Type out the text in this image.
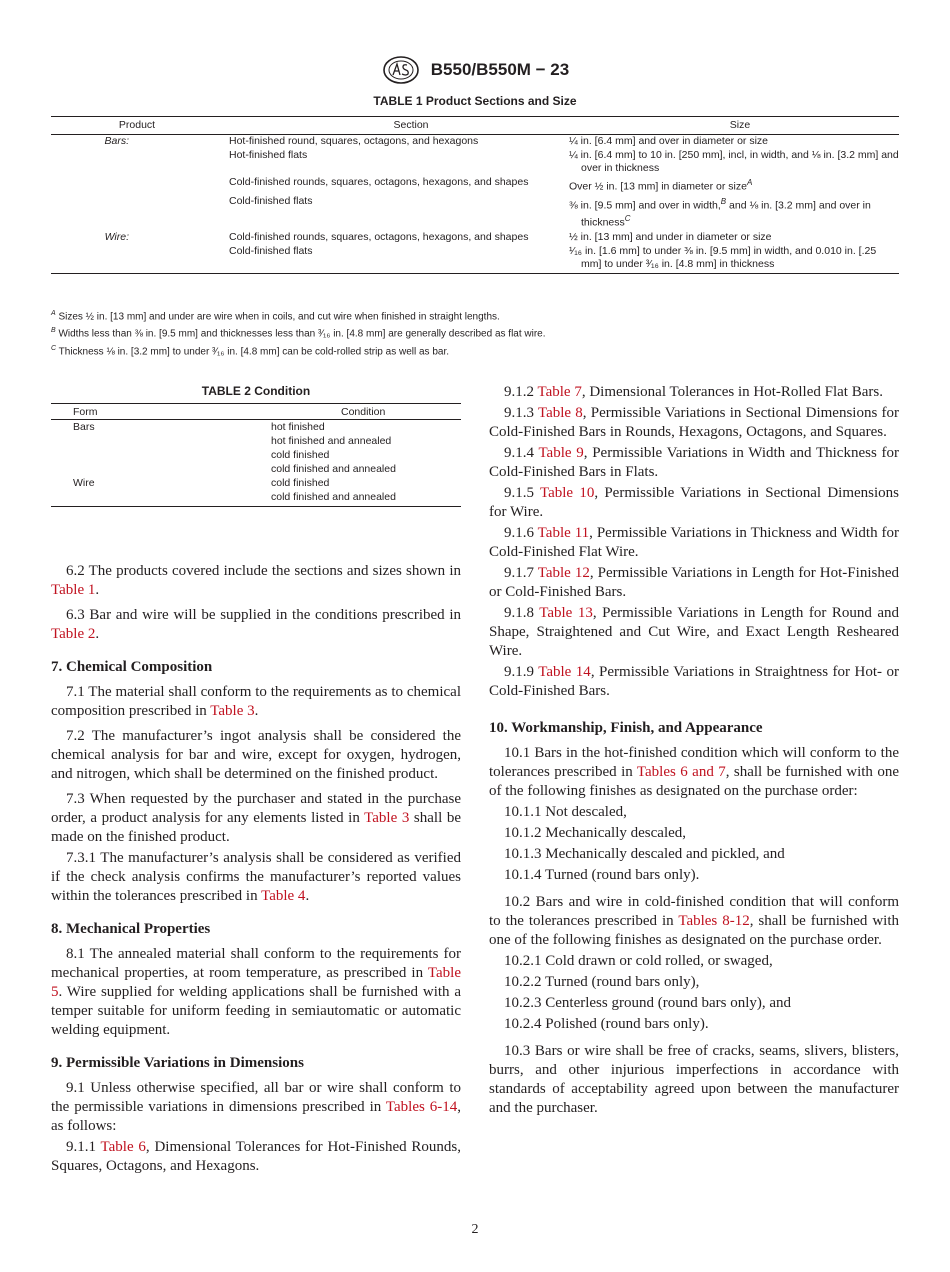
B550/B550M − 23
TABLE 1 Product Sections and Size
Product	Section	Size
Bars:	Hot-finished round, squares, octagons, and hexagons	¼ in. [6.4 mm] and over in diameter or size
	Hot-finished flats	¼ in. [6.4 mm] to 10 in. [250 mm], incl, in width, and ⅛ in. [3.2 mm] and over in thickness
	Cold-finished rounds, squares, octagons, hexagons, and shapes	Over ½ in. [13 mm] in diameter or size$^A$
	Cold-finished flats	⅜ in. [9.5 mm] and over in width,$^B$ and ⅛ in. [3.2 mm] and over in thickness$^C$
Wire:	Cold-finished rounds, squares, octagons, hexagons, and shapes	½ in. [13 mm] and under in diameter or size
	Cold-finished flats	¹⁄₁₆ in. [1.6 mm] to under ⅜ in. [9.5 mm] in width, and 0.010 in. [.25 mm] to under ³⁄₁₆ in. [4.8 mm] in thickness
$^A$ Sizes ½ in. [13 mm] and under are wire when in coils, and cut wire when finished in straight lengths.
$^B$ Widths less than ⅜ in. [9.5 mm] and thicknesses less than ³⁄₁₆ in. [4.8 mm] are generally described as flat wire.
$^C$ Thickness ⅛ in. [3.2 mm] to under ³⁄₁₆ in. [4.8 mm] can be cold-rolled strip as well as bar.
TABLE 2 Condition
Form	Condition
Bars	hot finished
	hot finished and annealed
	cold finished
	cold finished and annealed
Wire	cold finished
	cold finished and annealed

6.2 The products covered include the sections and sizes shown in Table 1.

6.3 Bar and wire will be supplied in the conditions prescribed in Table 2.

7. Chemical Composition

7.1 The material shall conform to the requirements as to chemical composition prescribed in Table 3.

7.2 The manufacturer’s ingot analysis shall be considered the chemical analysis for bar and wire, except for oxygen, hydrogen, and nitrogen, which shall be determined on the finished product.

7.3 When requested by the purchaser and stated in the purchase order, a product analysis for any elements listed in Table 3 shall be made on the finished product.

7.3.1 The manufacturer’s analysis shall be considered as verified if the check analysis confirms the manufacturer’s reported values within the tolerances prescribed in Table 4.

8. Mechanical Properties

8.1 The annealed material shall conform to the requirements for mechanical properties, at room temperature, as prescribed in Table 5. Wire supplied for welding applications shall be furnished with a temper suitable for uniform feeding in semiautomatic or automatic welding equipment.

9. Permissible Variations in Dimensions

9.1 Unless otherwise specified, all bar or wire shall conform to the permissible variations in dimensions prescribed in Tables 6-14, as follows:

9.1.1 Table 6, Dimensional Tolerances for Hot-Finished Rounds, Squares, Octagons, and Hexagons.

9.1.2 Table 7, Dimensional Tolerances in Hot-Rolled Flat Bars.

9.1.3 Table 8, Permissible Variations in Sectional Dimensions for Cold-Finished Bars in Rounds, Hexagons, Octagons, and Squares.

9.1.4 Table 9, Permissible Variations in Width and Thickness for Cold-Finished Bars in Flats.

9.1.5 Table 10, Permissible Variations in Sectional Dimensions for Wire.

9.1.6 Table 11, Permissible Variations in Thickness and Width for Cold-Finished Flat Wire.

9.1.7 Table 12, Permissible Variations in Length for Hot-Finished or Cold-Finished Bars.

9.1.8 Table 13, Permissible Variations in Length for Round and Shape, Straightened and Cut Wire, and Exact Length Resheared Wire.

9.1.9 Table 14, Permissible Variations in Straightness for Hot- or Cold-Finished Bars.

10. Workmanship, Finish, and Appearance

10.1 Bars in the hot-finished condition which will conform to the tolerances prescribed in Tables 6 and 7, shall be furnished with one of the following finishes as designated on the purchase order:

10.1.1 Not descaled,

10.1.2 Mechanically descaled,

10.1.3 Mechanically descaled and pickled, and

10.1.4 Turned (round bars only).

10.2 Bars and wire in cold-finished condition that will conform to the tolerances prescribed in Tables 8-12, shall be furnished with one of the following finishes as designated on the purchase order.

10.2.1 Cold drawn or cold rolled, or swaged,

10.2.2 Turned (round bars only),

10.2.3 Centerless ground (round bars only), and

10.2.4 Polished (round bars only).

10.3 Bars or wire shall be free of cracks, seams, slivers, blisters, burrs, and other injurious imperfections in accordance with standards of acceptability agreed upon between the manufacturer and the purchaser.

2
